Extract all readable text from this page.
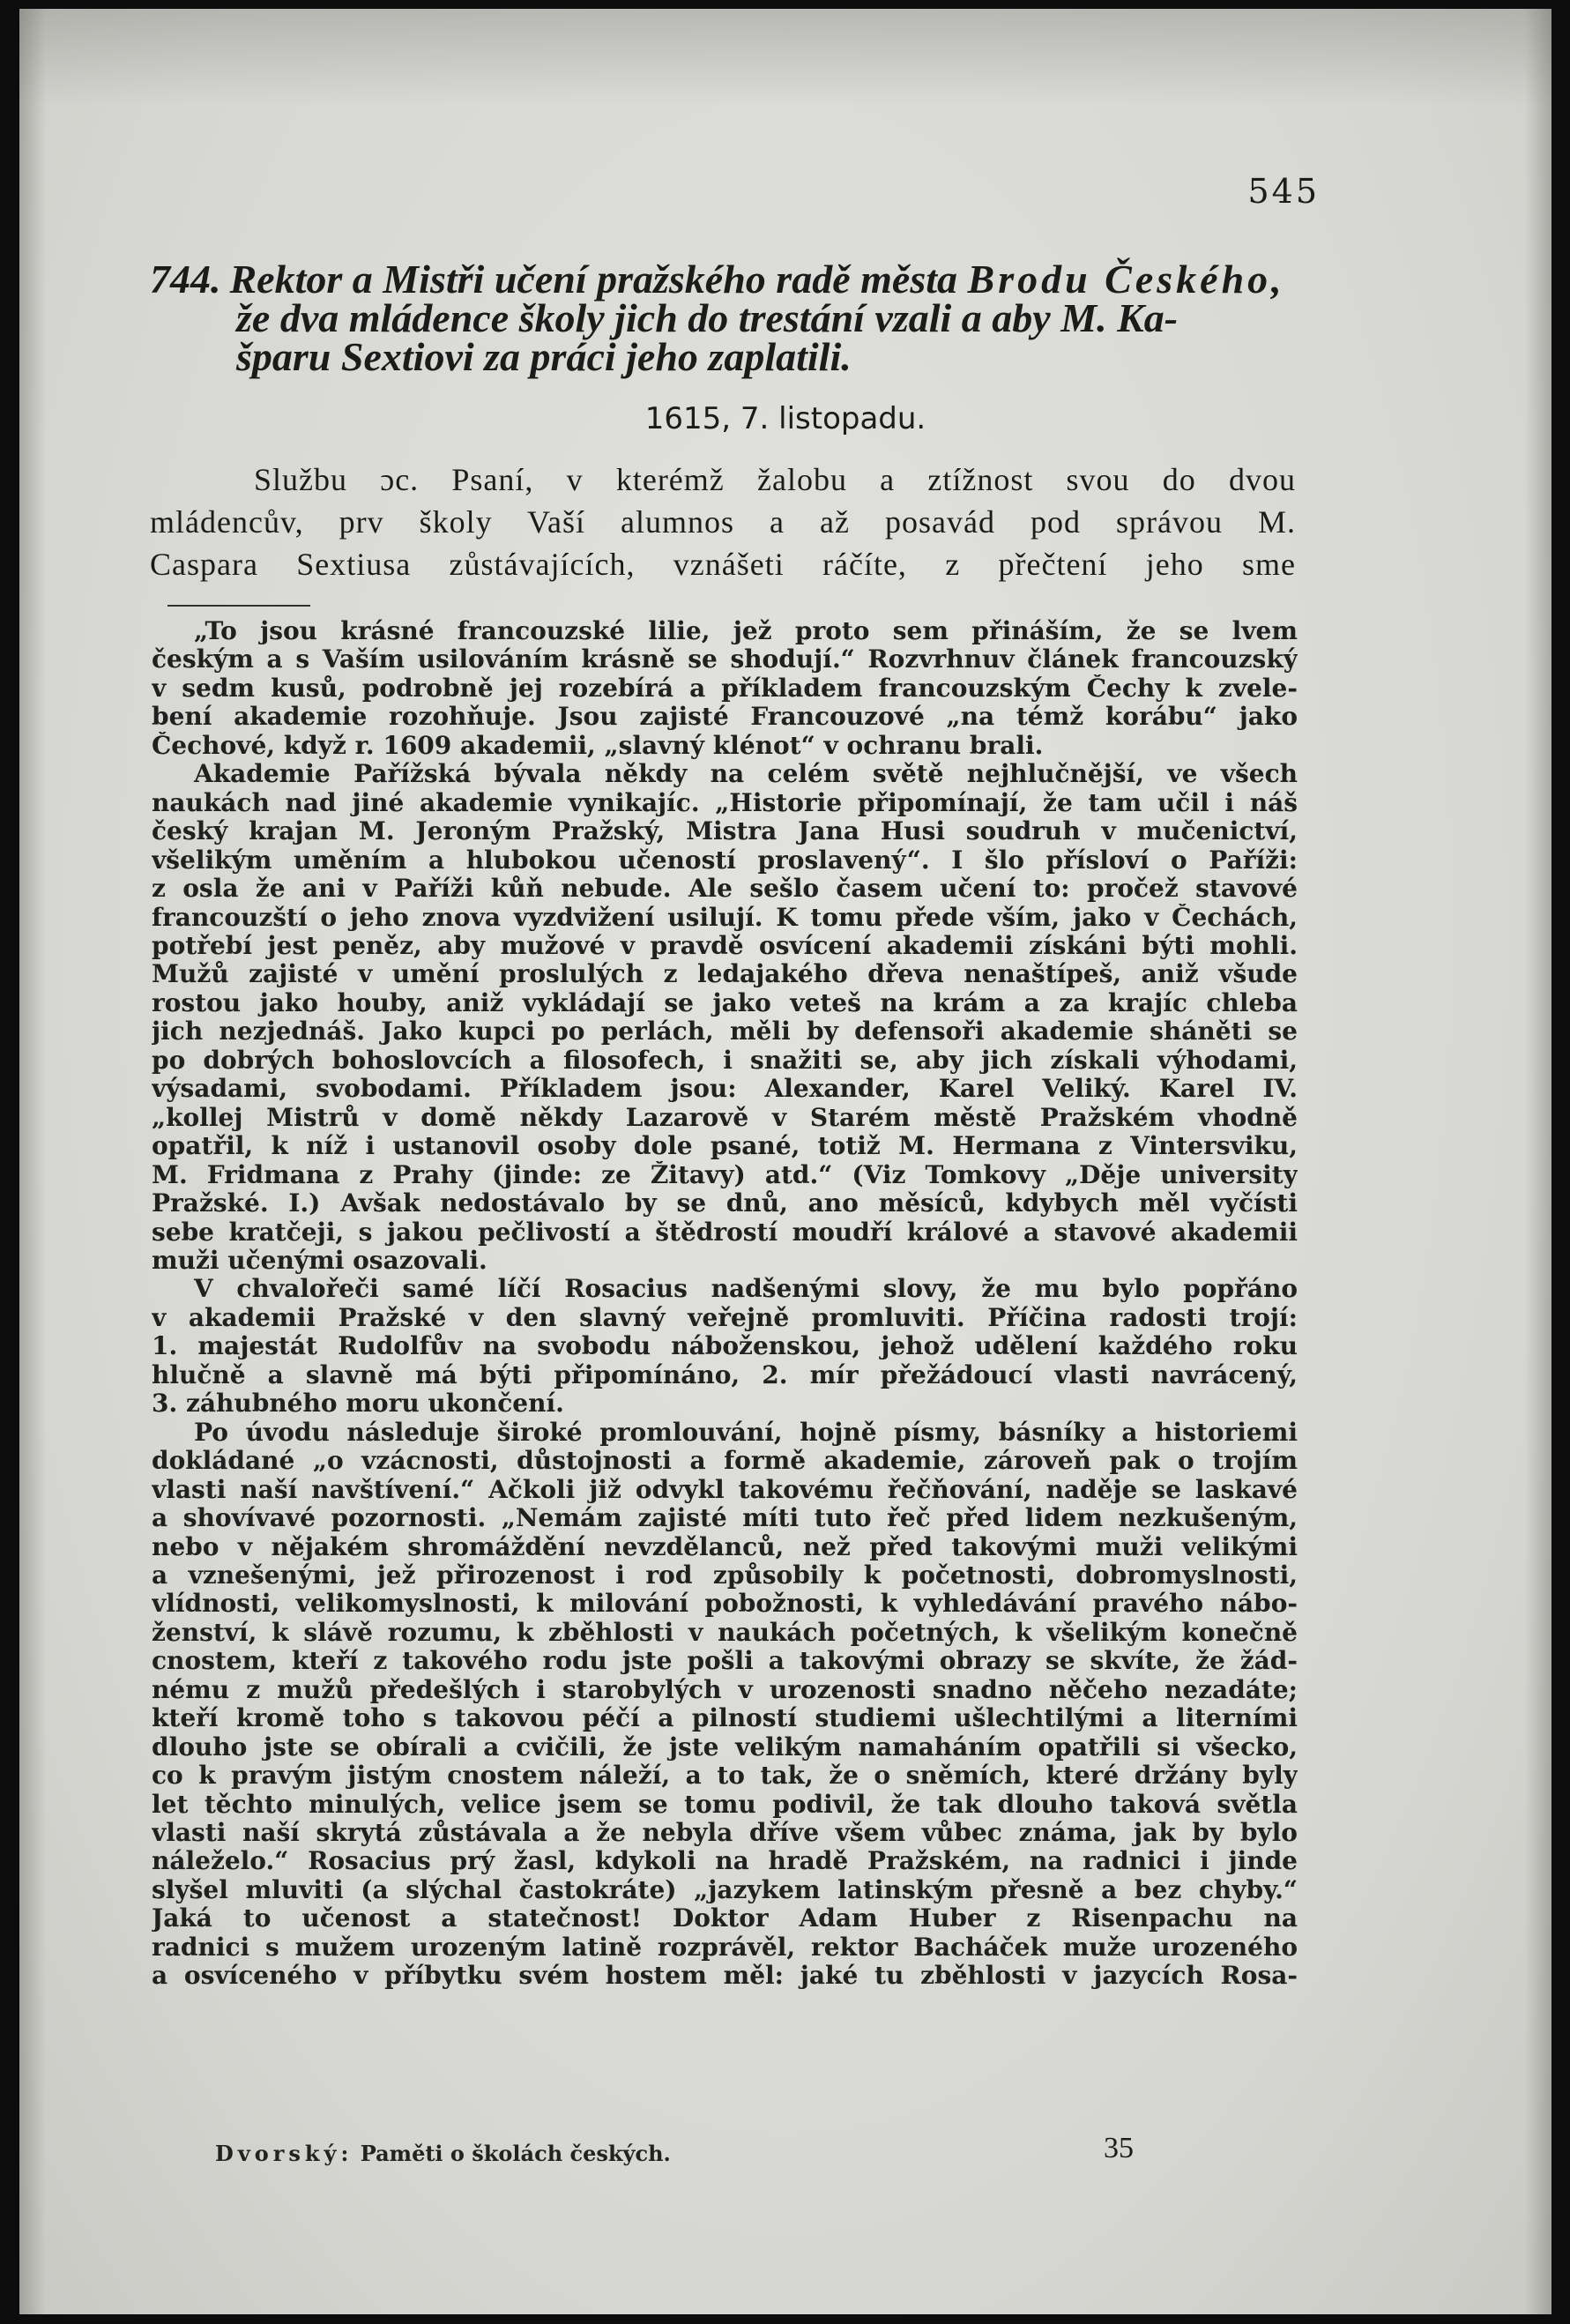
545
744. Rektor a Mistři učení pražského radě města Brodu Českého,
že dva mládence školy jich do trestání vzali a aby M. Ka-
šparu Sextiovi za práci jeho zaplatili.
1615, 7. listopadu.
Službu ɔc. Psaní, v kterémž žalobu a ztížnost svou do dvou
mládencův, prv školy Vaší alumnos a až posavád pod správou M.
Caspara Sextiusa zůstávajících, vznášeti ráčíte, z přečtení jeho sme
„To jsou krásné francouzské lilie, jež proto sem přináším, že se lvem
českým a s Vaším usilováním krásně se shodují.“ Rozvrhnuv článek francouzský
v sedm kusů, podrobně jej rozebírá a příkladem francouzským Čechy k zvele-
bení akademie rozohňuje. Jsou zajisté Francouzové „na témž korábu“ jako
Čechové, když r. 1609 akademii, „slavný klénot“ v ochranu brali.
Akademie Pařížská bývala někdy na celém světě nejhlučnější, ve všech
naukách nad jiné akademie vynikajíc. „Historie připomínají, že tam učil i náš
český krajan M. Jeroným Pražský, Mistra Jana Husi soudruh v mučenictví,
všelikým uměním a hlubokou učeností proslavený“. I šlo přísloví o Paříži:
z osla že ani v Paříži kůň nebude. Ale sešlo časem učení to: pročež stavové
francouzští o jeho znova vyzdvižení usilují. K tomu přede vším, jako v Čechách,
potřebí jest peněz, aby mužové v pravdě osvícení akademii získáni býti mohli.
Mužů zajisté v umění proslulých z ledajakého dřeva nenaštípeš, aniž všude
rostou jako houby, aniž vykládají se jako veteš na krám a za krajíc chleba
jich nezjednáš. Jako kupci po perlách, měli by defensoři akademie sháněti se
po dobrých bohoslovcích a filosofech, i snažiti se, aby jich získali výhodami,
výsadami, svobodami. Příkladem jsou: Alexander, Karel Veliký. Karel IV.
„kollej Mistrů v domě někdy Lazarově v Starém městě Pražském vhodně
opatřil, k níž i ustanovil osoby dole psané, totiž M. Hermana z Vintersviku,
M. Fridmana z Prahy (jinde: ze Žitavy) atd.“ (Viz Tomkovy „Děje university
Pražské. I.) Avšak nedostávalo by se dnů, ano měsíců, kdybych měl vyčísti
sebe kratčeji, s jakou pečlivostí a štědrostí moudří králové a stavové akademii
muži učenými osazovali.
V chvalořeči samé líčí Rosacius nadšenými slovy, že mu bylo popřáno
v akademii Pražské v den slavný veřejně promluviti. Příčina radosti trojí:
1. majestát Rudolfův na svobodu náboženskou, jehož udělení každého roku
hlučně a slavně má býti připomínáno, 2. mír přežádoucí vlasti navrácený,
3. záhubného moru ukončení.
Po úvodu následuje široké promlouvání, hojně písmy, básníky a historiemi
dokládané „o vzácnosti, důstojnosti a formě akademie, zároveň pak o trojím
vlasti naší navštívení.“ Ačkoli již odvykl takovému řečňování, naděje se laskavé
a shovívavé pozornosti. „Nemám zajisté míti tuto řeč před lidem nezkušeným,
nebo v nějakém shromáždění nevzdělanců, než před takovými muži velikými
a vznešenými, jež přirozenost i rod způsobily k početnosti, dobromyslnosti,
vlídnosti, velikomyslnosti, k milování pobožnosti, k vyhledávání pravého nábo-
ženství, k slávě rozumu, k zběhlosti v naukách početných, k všelikým konečně
cnostem, kteří z takového rodu jste pošli a takovými obrazy se skvíte, že žád-
nému z mužů předešlých i starobylých v urozenosti snadno něčeho nezadáte;
kteří kromě toho s takovou péčí a pilností studiemi ušlechtilými a literními
dlouho jste se obírali a cvičili, že jste velikým namaháním opatřili si všecko,
co k pravým jistým cnostem náleží, a to tak, že o sněmích, které držány byly
let těchto minulých, velice jsem se tomu podivil, že tak dlouho taková světla
vlasti naší skrytá zůstávala a že nebyla dříve všem vůbec známa, jak by bylo
náleželo.“ Rosacius prý žasl, kdykoli na hradě Pražském, na radnici i jinde
slyšel mluviti (a slýchal častokráte) „jazykem latinským přesně a bez chyby.“
Jaká to učenost a statečnost! Doktor Adam Huber z Risenpachu na
radnici s mužem urozeným latině rozprávěl, rektor Bacháček muže urozeného
a osvíceného v příbytku svém hostem měl: jaké tu zběhlosti v jazycích Rosa-
Dvorský: Paměti o školách českých.	35
